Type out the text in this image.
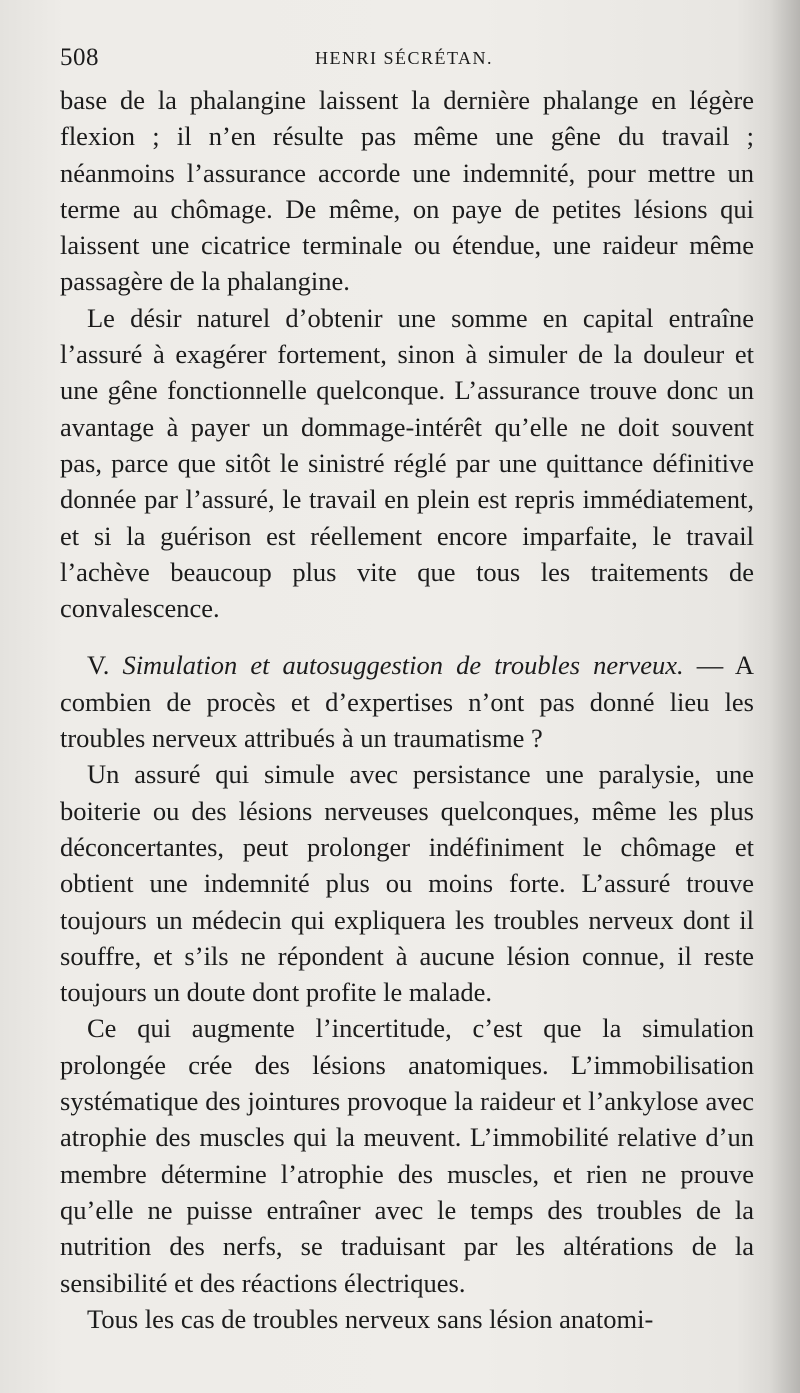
508	HENRI SÉCRÉTAN.

base de la phalangine laissent la dernière phalange en légère flexion ; il n’en résulte pas même une gêne du travail ; néanmoins l’assurance accorde une indemnité, pour mettre un terme au chômage. De même, on paye de petites lésions qui laissent une cicatrice terminale ou étendue, une raideur même passagère de la phalangine.

Le désir naturel d’obtenir une somme en capital entraîne l’assuré à exagérer fortement, sinon à simuler de la douleur et une gêne fonctionnelle quelconque. L’assurance trouve donc un avantage à payer un dommage-intérêt qu’elle ne doit souvent pas, parce que sitôt le sinistré réglé par une quittance définitive donnée par l’assuré, le travail en plein est repris immédiatement, et si la guérison est réellement encore imparfaite, le travail l’achève beaucoup plus vite que tous les traitements de convalescence.

V. Simulation et autosuggestion de troubles nerveux. — A combien de procès et d’expertises n’ont pas donné lieu les troubles nerveux attribués à un traumatisme ?

Un assuré qui simule avec persistance une paralysie, une boiterie ou des lésions nerveuses quelconques, même les plus déconcertantes, peut prolonger indéfiniment le chômage et obtient une indemnité plus ou moins forte. L’assuré trouve toujours un médecin qui expliquera les troubles nerveux dont il souffre, et s’ils ne répondent à aucune lésion connue, il reste toujours un doute dont profite le malade.

Ce qui augmente l’incertitude, c’est que la simulation prolongée crée des lésions anatomiques. L’immobilisation systématique des jointures provoque la raideur et l’ankylose avec atrophie des muscles qui la meuvent. L’immobilité relative d’un membre détermine l’atrophie des muscles, et rien ne prouve qu’elle ne puisse entraîner avec le temps des troubles de la nutrition des nerfs, se traduisant par les altérations de la sensibilité et des réactions électriques.

Tous les cas de troubles nerveux sans lésion anatomi-
